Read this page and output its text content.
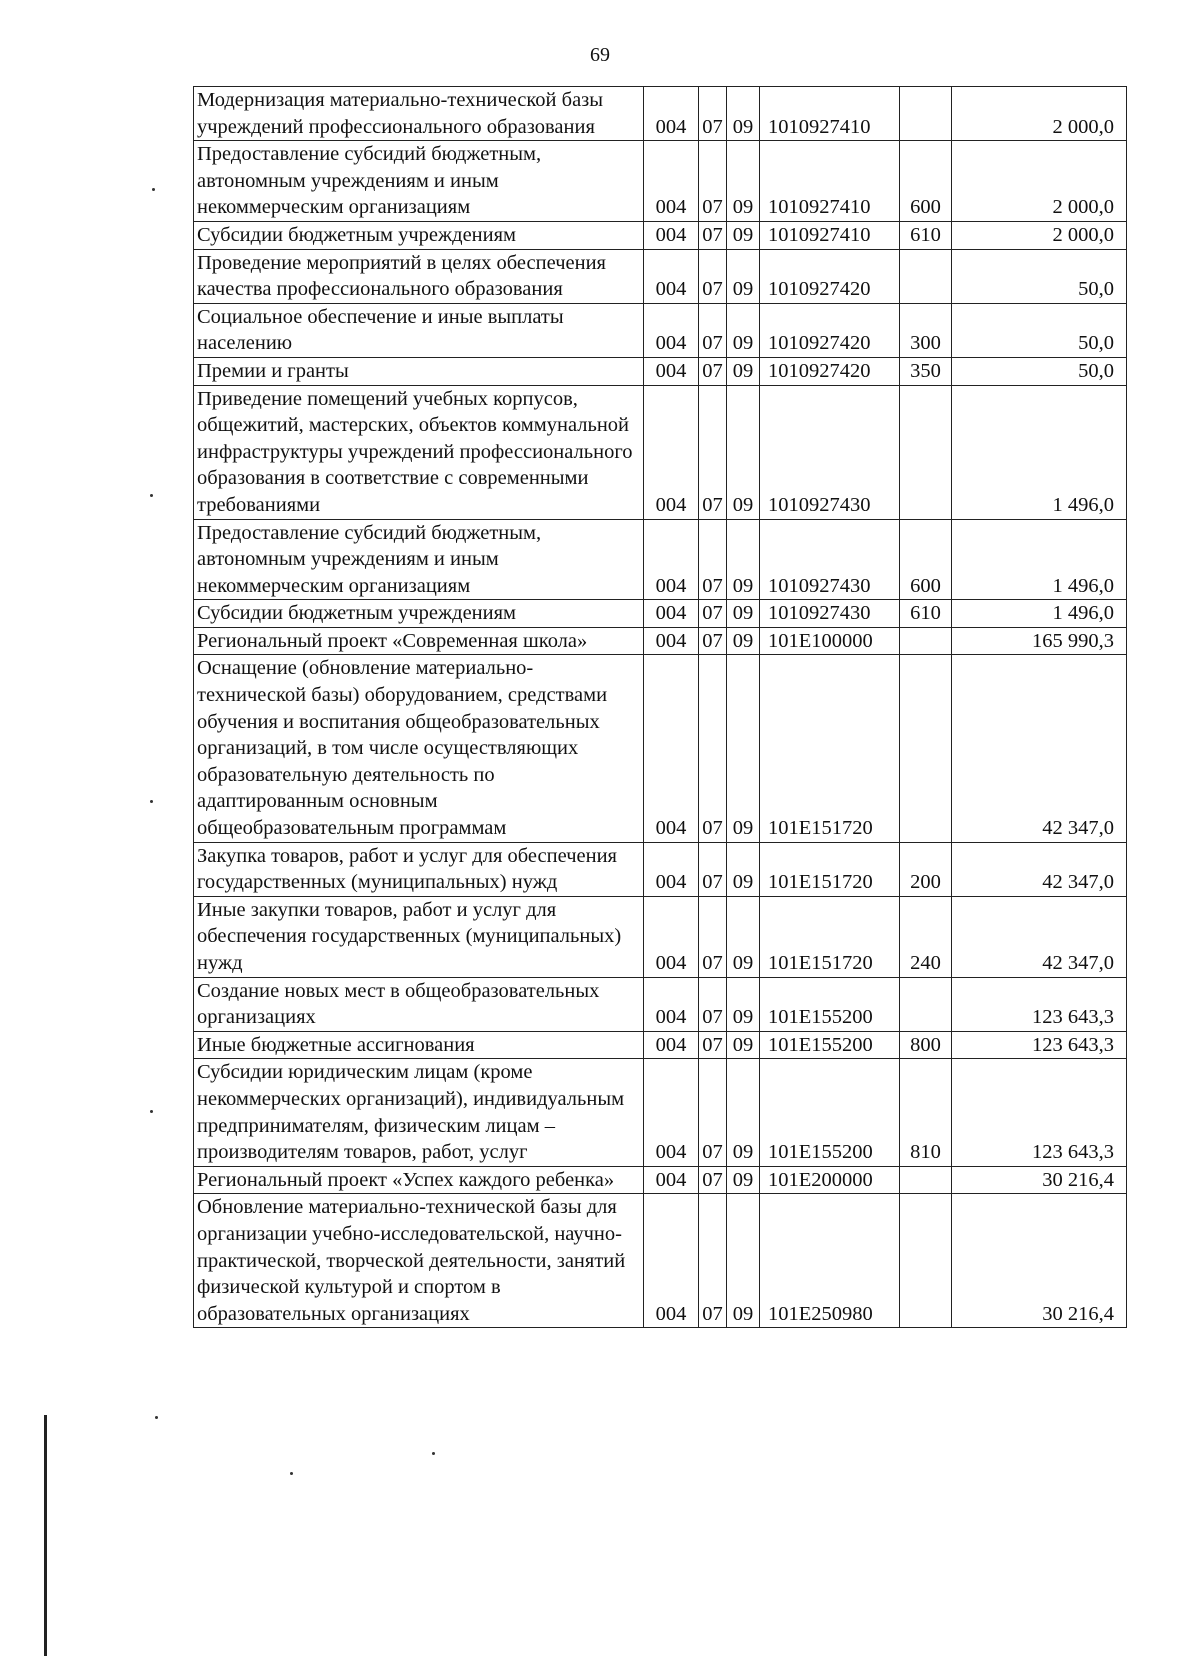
69
Модернизация материально-технической базы учреждений профессионального образования	004	07	09	1010927410		2 000,0
Предоставление субсидий бюджетным, автономным учреждениям и иным некоммерческим организациям	004	07	09	1010927410	600	2 000,0
Субсидии бюджетным учреждениям	004	07	09	1010927410	610	2 000,0
Проведение мероприятий в целях обеспечения качества профессионального образования	004	07	09	1010927420		50,0
Социальное обеспечение и иные выплаты населению	004	07	09	1010927420	300	50,0
Премии и гранты	004	07	09	1010927420	350	50,0
Приведение помещений учебных корпусов, общежитий, мастерских, объектов коммунальной инфраструктуры учреждений профессионального образования в соответствие с современными требованиями	004	07	09	1010927430		1 496,0
Предоставление субсидий бюджетным, автономным учреждениям и иным некоммерческим организациям	004	07	09	1010927430	600	1 496,0
Субсидии бюджетным учреждениям	004	07	09	1010927430	610	1 496,0
Региональный проект «Современная школа»	004	07	09	101Е100000		165 990,3
Оснащение (обновление материально-технической базы) оборудованием, средствами обучения и воспитания общеобразовательных организаций, в том числе осуществляющих образовательную деятельность по адаптированным основным общеобразовательным программам	004	07	09	101Е151720		42 347,0
Закупка товаров, работ и услуг для обеспечения государственных (муниципальных) нужд	004	07	09	101Е151720	200	42 347,0
Иные закупки товаров, работ и услуг для обеспечения государственных (муниципальных) нужд	004	07	09	101Е151720	240	42 347,0
Создание новых мест в общеобразовательных организациях	004	07	09	101Е155200		123 643,3
Иные бюджетные ассигнования	004	07	09	101Е155200	800	123 643,3
Субсидии юридическим лицам (кроме некоммерческих организаций), индивидуальным предпринимателям, физическим лицам – производителям товаров, работ, услуг	004	07	09	101Е155200	810	123 643,3
Региональный проект «Успех каждого ребенка»	004	07	09	101Е200000		30 216,4
Обновление материально-технической базы для организации учебно-исследовательской, научно-практической, творческой деятельности, занятий физической культурой и спортом в образовательных организациях	004	07	09	101Е250980		30 216,4
